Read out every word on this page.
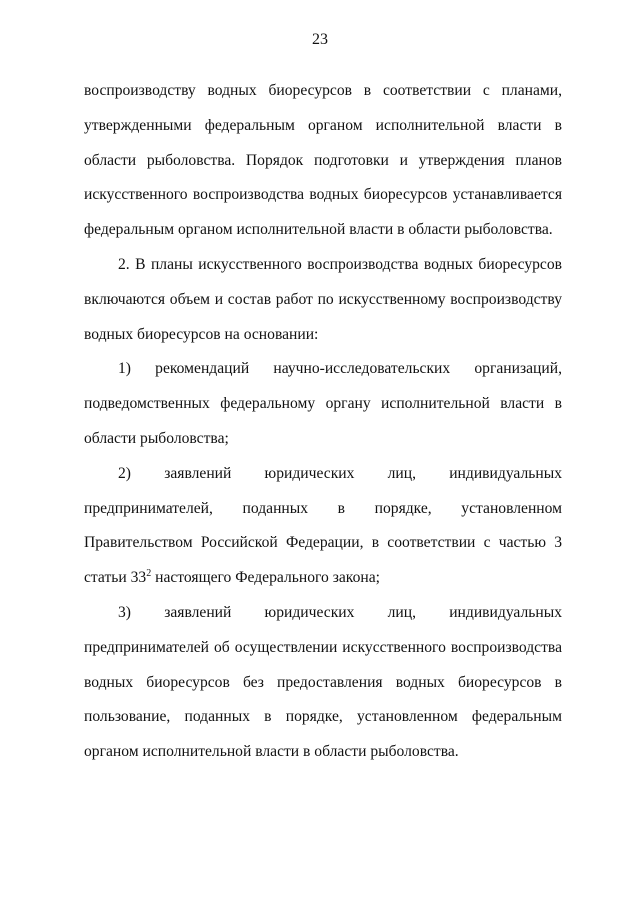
23

воспроизводству водных биоресурсов в соответствии с планами, утвержденными федеральным органом исполнительной власти в области рыболовства. Порядок подготовки и утверждения планов искусственного воспроизводства водных биоресурсов устанавливается федеральным органом исполнительной власти в области рыболовства.

2. В планы искусственного воспроизводства водных биоресурсов включаются объем и состав работ по искусственному воспроизводству водных биоресурсов на основании:

1) рекомендаций научно-исследовательских организаций, подведомственных федеральному органу исполнительной власти в области рыболовства;

2) заявлений юридических лиц, индивидуальных предпринимателей, поданных в порядке, установленном Правительством Российской Федерации, в соответствии с частью 3 статьи $33^2$ настоящего Федерального закона;

3) заявлений юридических лиц, индивидуальных предпринимателей об осуществлении искусственного воспроизводства водных биоресурсов без предоставления водных биоресурсов в пользование, поданных в порядке, установленном федеральным органом исполнительной власти в области рыболовства.
